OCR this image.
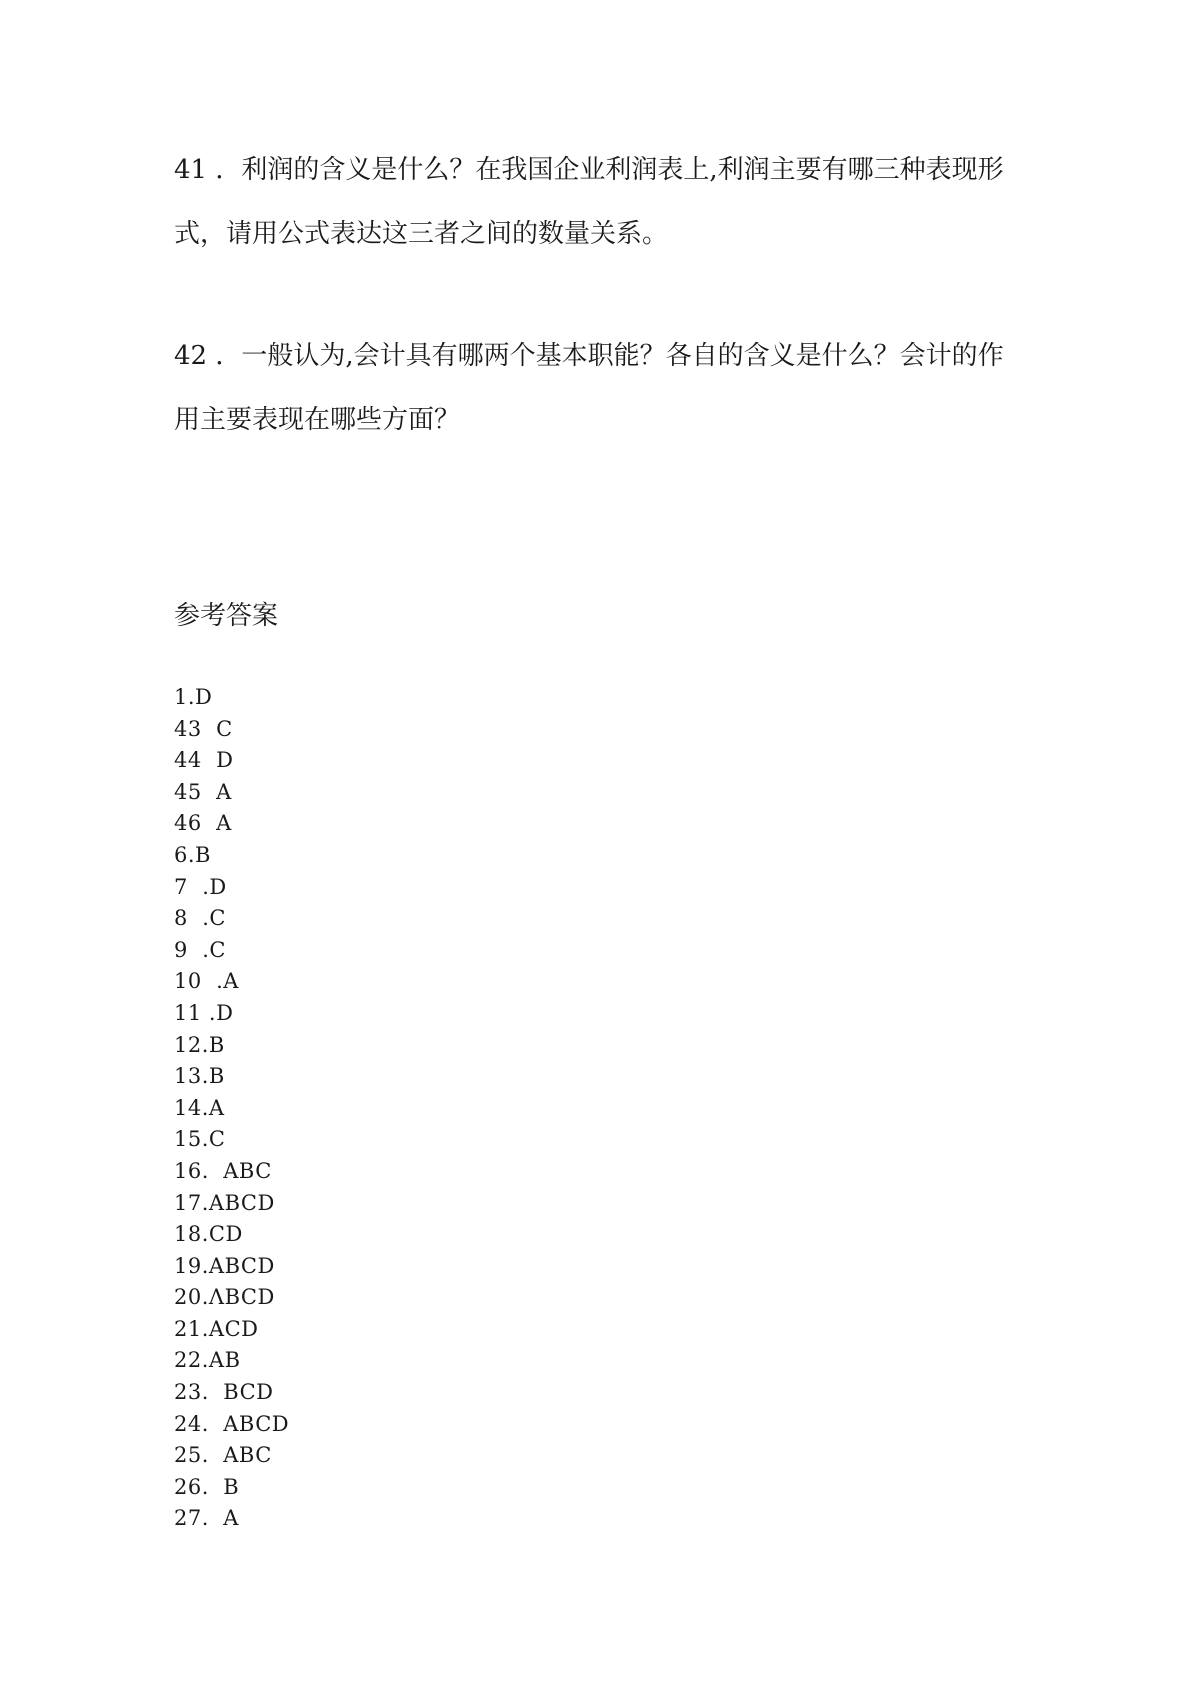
41 ．利润的含义是什么？在我国企业利润表上,利润主要有哪三种表现形
式，请用公式表达这三者之间的数量关系。

42 ．一般认为,会计具有哪两个基本职能？各自的含义是什么？会计的作
用主要表现在哪些方面？

参考答案
1.D
43  C
44  D
45  A
46  A
6.B
7  .D
8  .C
9  .C
10  .A
11 .D
12.B
13.B
14.A
15.C
16.  ABC
17.ABCD
18.CD
19.ABCD
20.ΛBCD
21.ACD
22.AB
23.  BCD
24.  ABCD
25.  ABC
26.  B
27.  A
